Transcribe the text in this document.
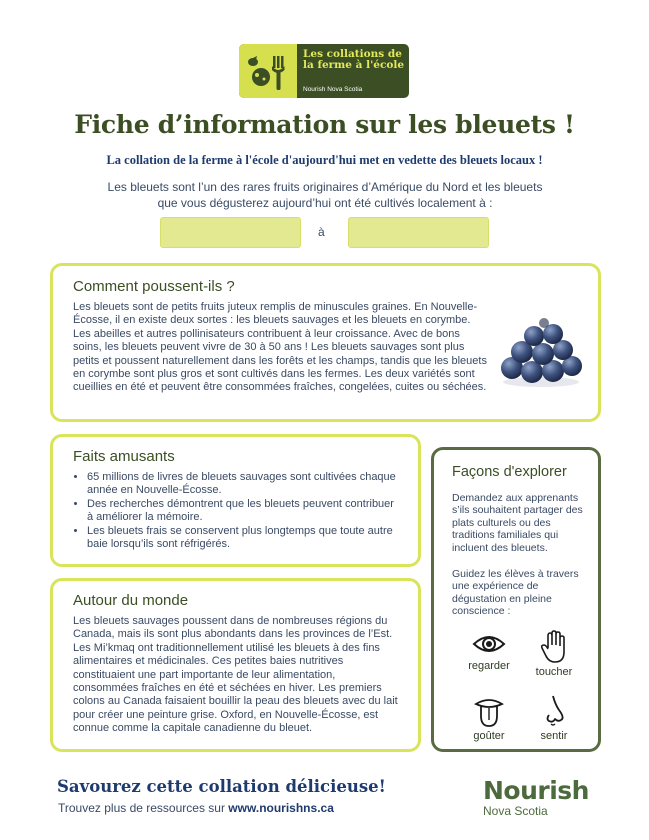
Les collations de la ferme à l'école
Nourish Nova Scotia
Fiche d’information sur les bleuets !
La collation de la ferme à l'école d'aujourd'hui met en vedette des bleuets locaux !

Les bleuets sont l’un des rares fruits originaires d’Amérique du Nord et les bleuets que vous dégusterez aujourd’hui ont été cultivés localement à :

à
Comment poussent-ils ?

Les bleuets sont de petits fruits juteux remplis de minuscules graines. En Nouvelle-Écosse, il en existe deux sortes : les bleuets sauvages et les bleuets en corymbe. Les abeilles et autres pollinisateurs contribuent à leur croissance. Avec de bons soins, les bleuets peuvent vivre de 30 à 50 ans ! Les bleuets sauvages sont plus petits et poussent naturellement dans les forêts et les champs, tandis que les bleuets en corymbe sont plus gros et sont cultivés dans les fermes. Les deux variétés sont cueillies en été et peuvent être consommées fraîches, congelées, cuites ou séchées.

Faits amusants
• 65 millions de livres de bleuets sauvages sont cultivées chaque année en Nouvelle-Écosse.
• Des recherches démontrent que les bleuets peuvent contribuer à améliorer la mémoire.
• Les bleuets frais se conservent plus longtemps que toute autre baie lorsqu’ils sont réfrigérés.
Autour du monde

Les bleuets sauvages poussent dans de nombreuses régions du Canada, mais ils sont plus abondants dans les provinces de l’Est. Les Mi’kmaq ont traditionnellement utilisé les bleuets à des fins alimentaires et médicinales. Ces petites baies nutritives constituaient une part importante de leur alimentation, consommées fraîches en été et séchées en hiver. Les premiers colons au Canada faisaient bouillir la peau des bleuets avec du lait pour créer une peinture grise. Oxford, en Nouvelle-Écosse, est connue comme la capitale canadienne du bleuet.

Façons d'explorer

Demandez aux apprenants s’ils souhaitent partager des plats culturels ou des traditions familiales qui incluent des bleuets.

Guidez les élèves à travers une expérience de dégustation en pleine conscience :

regarder	toucher
goûter	sentir
Savourez cette collation délicieuse!
Trouvez plus de ressources sur www.nourishns.ca
Nourish
Nova Scotia
